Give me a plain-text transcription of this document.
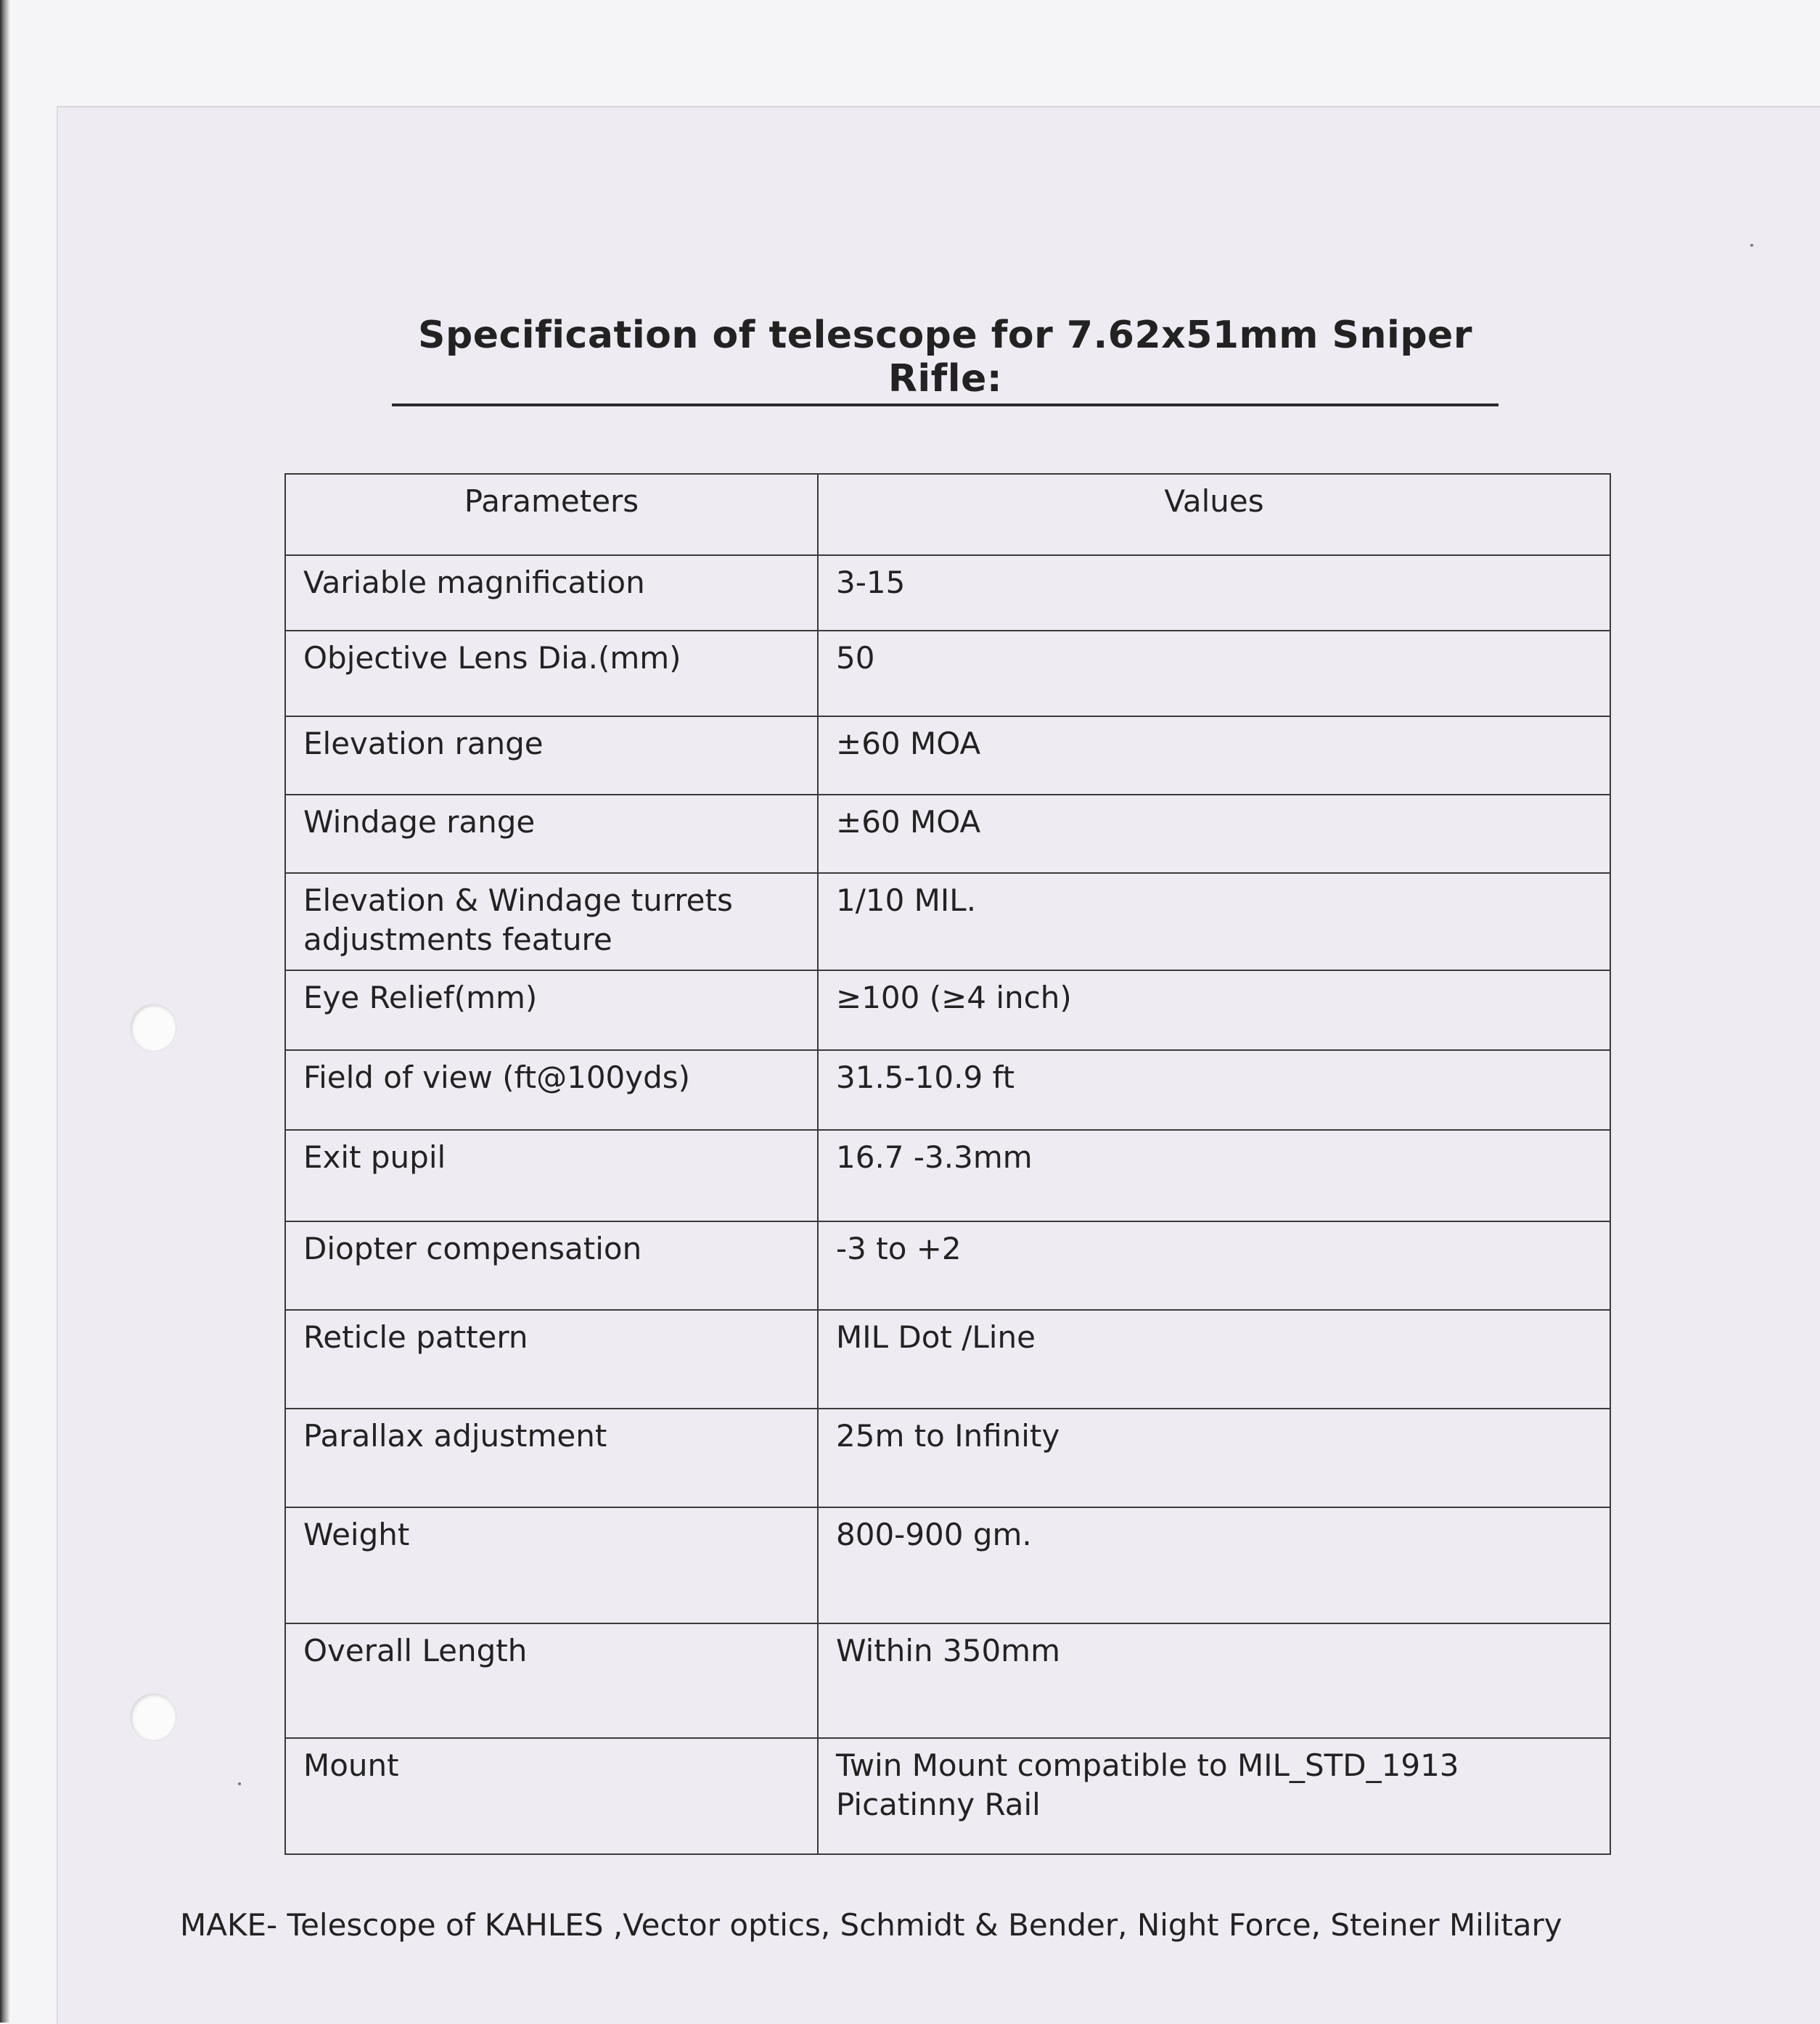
Specification of telescope for 7.62x51mm Sniper Rifle:
Parameters	Values
Variable magnification	3-15
Objective Lens Dia.(mm)	50
Elevation range	±60 MOA
Windage range	±60 MOA
Elevation & Windage turrets adjustments feature	1/10 MIL.
Eye Relief(mm)	≥100 (≥4 inch)
Field of view (ft@100yds)	31.5-10.9 ft
Exit pupil	16.7 -3.3mm
Diopter compensation	-3 to +2
Reticle pattern	MIL Dot /Line
Parallax adjustment	25m to Infinity
Weight	800-900 gm.
Overall Length	Within 350mm
Mount	Twin Mount compatible to MIL_STD_1913 Picatinny Rail
MAKE- Telescope of KAHLES ,Vector optics, Schmidt & Bender, Night Force, Steiner Military
